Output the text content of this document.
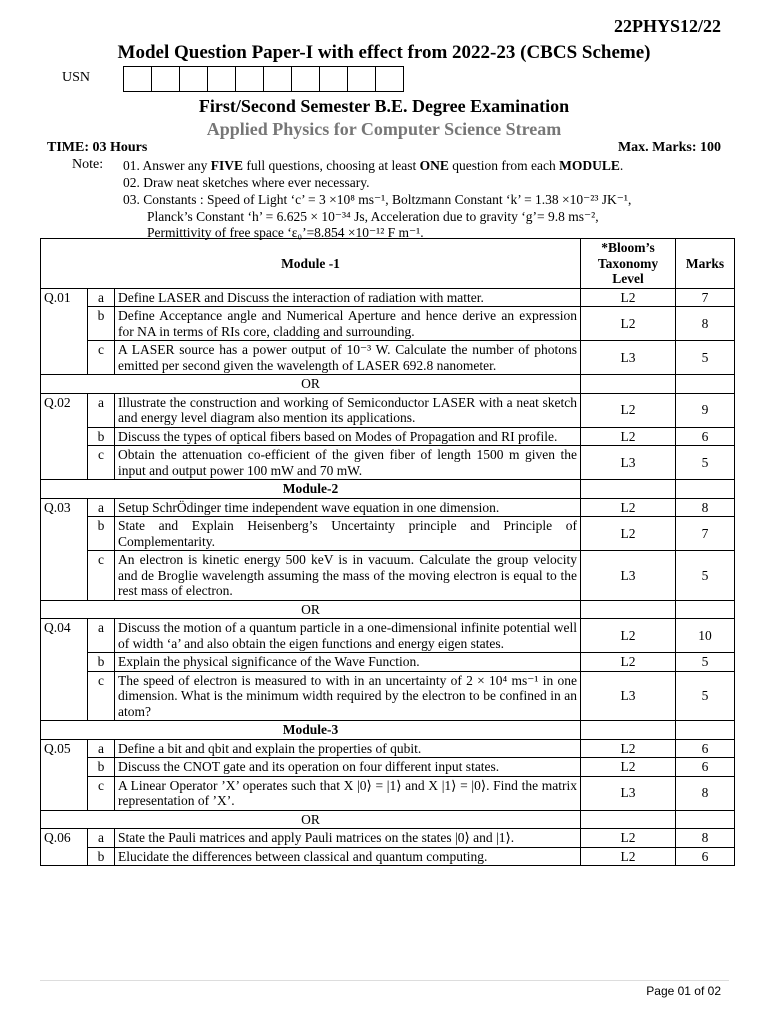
22PHYS12/22
Model Question Paper-I with effect from 2022-23 (CBCS Scheme)
USN
First/Second Semester B.E. Degree Examination
Applied Physics for Computer Science Stream
TIME: 03 Hours	Max. Marks: 100
Note: 01. Answer any FIVE full questions, choosing at least ONE question from each MODULE.
02. Draw neat sketches where ever necessary.
03. Constants : Speed of Light ‘c’ = 3 ×10⁸ ms⁻¹, Boltzmann Constant ‘k’ = 1.38 ×10⁻²³ JK⁻¹,
Planck’s Constant ‘h’ = 6.625 × 10⁻³⁴ Js, Acceleration due to gravity ‘g’= 9.8 ms⁻²,
Permittivity of free space ‘ε₀’=8.854 ×10⁻¹² F m⁻¹.
Module -1			*Bloom’s Taxonomy Level	Marks
Q.01	a	Define LASER and Discuss the interaction of radiation with matter.	L2	7
	b	Define Acceptance angle and Numerical Aperture and hence derive an expression for NA in terms of RIs core, cladding and surrounding.	L2	8
	c	A LASER source has a power output of 10⁻³ W. Calculate the number of photons emitted per second given the wavelength of LASER 692.8 nanometer.	L3	5
OR				
Q.02	a	Illustrate the construction and working of Semiconductor LASER with a neat sketch and energy level diagram also mention its applications.	L2	9
	b	Discuss the types of optical fibers based on Modes of Propagation and RI profile.	L2	6
	c	Obtain the attenuation co-efficient of the given fiber of length 1500 m given the input and output power 100 mW and 70 mW.	L3	5
Module-2				
Q.03	a	Setup SchrÖdinger time independent wave equation in one dimension.	L2	8
	b	State and Explain Heisenberg’s Uncertainty principle and Principle of Complementarity.	L2	7
	c	An electron is kinetic energy 500 keV is in vacuum. Calculate the group velocity and de Broglie wavelength assuming the mass of the moving electron is equal to the rest mass of electron.	L3	5
OR				
Q.04	a	Discuss the motion of a quantum particle in a one-dimensional infinite potential well of width ‘a’ and also obtain the eigen functions and energy eigen states.	L2	10
	b	Explain the physical significance of the Wave Function.	L2	5
	c	The speed of electron is measured to with in an uncertainty of 2 × 10⁴ ms⁻¹ in one dimension. What is the minimum width required by the electron to be confined in an atom?	L3	5
Module-3				
Q.05	a	Define a bit and qbit and explain the properties of qubit.	L2	6
	b	Discuss the CNOT gate and its operation on four different input states.	L2	6
	c	A Linear Operator ’X’ operates such that X |0⟩ = |1⟩ and X |1⟩ = |0⟩. Find the matrix representation of ’X’.	L3	8
OR				
Q.06	a	State the Pauli matrices and apply Pauli matrices on the states |0⟩ and |1⟩.	L2	8
	b	Elucidate the differences between classical and quantum computing.	L2	6
Page 01 of 02
